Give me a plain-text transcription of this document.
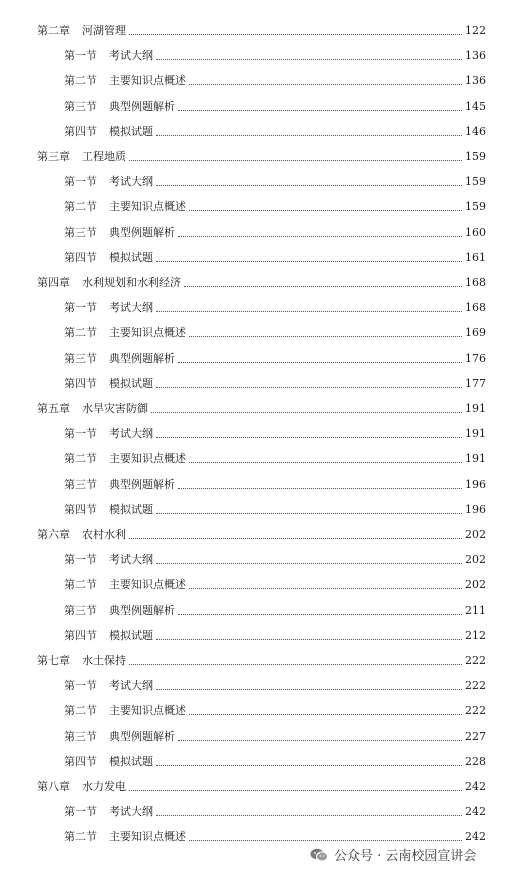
第二章 河湖管理	122
第一节 考试大纲	136
第二节 主要知识点概述	136
第三节 典型例题解析	145
第四节 模拟试题	146
第三章 工程地质	159
第一节 考试大纲	159
第二节 主要知识点概述	159
第三节 典型例题解析	160
第四节 模拟试题	161
第四章 水利规划和水利经济	168
第一节 考试大纲	168
第二节 主要知识点概述	169
第三节 典型例题解析	176
第四节 模拟试题	177
第五章 水旱灾害防御	191
第一节 考试大纲	191
第二节 主要知识点概述	191
第三节 典型例题解析	196
第四节 模拟试题	196
第六章 农村水利	202
第一节 考试大纲	202
第二节 主要知识点概述	202
第三节 典型例题解析	211
第四节 模拟试题	212
第七章 水土保持	222
第一节 考试大纲	222
第二节 主要知识点概述	222
第三节 典型例题解析	227
第四节 模拟试题	228
第八章 水力发电	242
第一节 考试大纲	242
第二节 主要知识点概述	242
公众号 · 云南校园宣讲会
